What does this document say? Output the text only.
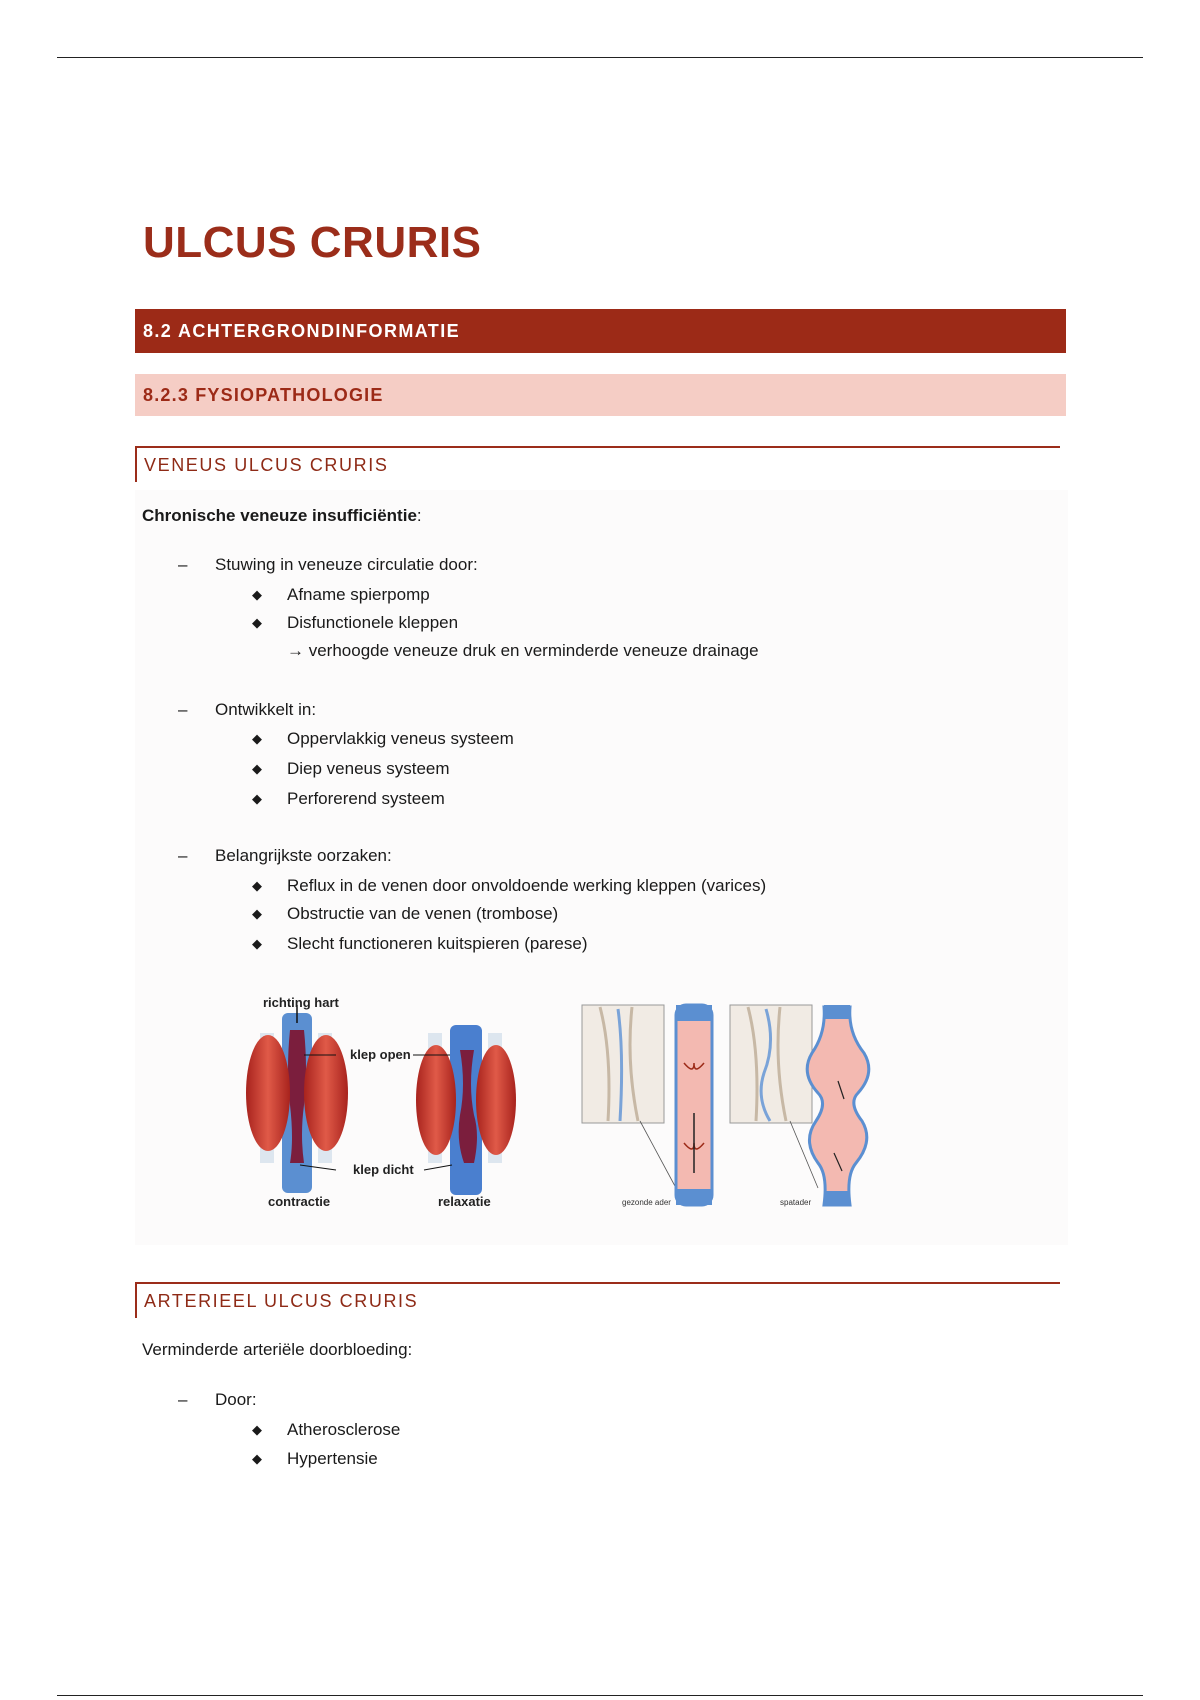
ULCUS CRURIS
8.2 ACHTERGRONDINFORMATIE
8.2.3 FYSIOPATHOLOGIE
VENEUS ULCUS CRURIS
Chronische veneuze insufficiëntie:
– Stuwing in veneuze circulatie door:
◆ Afname spierpomp
◆ Disfunctionele kleppen
→ verhoogde veneuze druk en verminderde veneuze drainage
– Ontwikkelt in:
◆ Oppervlakkig veneus systeem
◆ Diep veneus systeem
◆ Perforerend systeem
– Belangrijkste oorzaken:
◆ Reflux in de venen door onvoldoende werking kleppen (varices)
◆ Obstructie van de venen (trombose)
◆ Slecht functioneren kuitspieren (parese)
richting hart
klep open
klep dicht
contractie	relaxatie	gezonde ader	spatader
ARTERIEEL ULCUS CRURIS
Verminderde arteriële doorbloeding:
– Door:
◆ Atherosclerose
◆ Hypertensie
